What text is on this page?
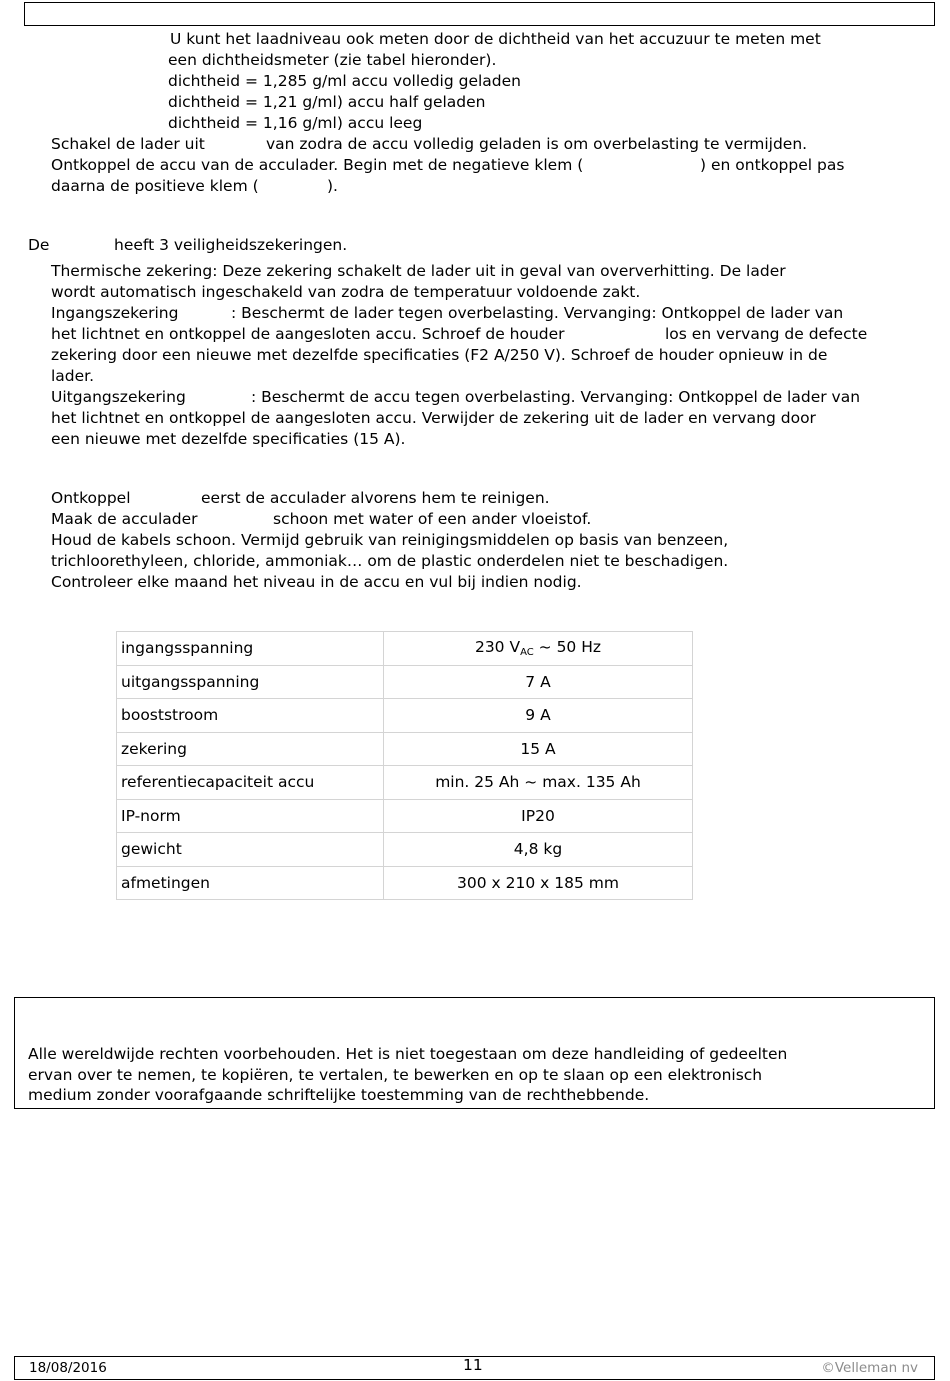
U kunt het laadniveau ook meten door de dichtheid van het accuzuur te meten met
een dichtheidsmeter (zie tabel hieronder).
dichtheid = 1,285 g/ml accu volledig geladen
dichtheid = 1,21 g/ml) accu half geladen
dichtheid = 1,16 g/ml) accu leeg
Schakel de lader uit	van zodra de accu volledig geladen is om overbelasting te vermijden.
Ontkoppel de accu van de acculader. Begin met de negatieve klem (	) en ontkoppel pas
daarna de positieve klem (	).
De	heeft 3 veiligheidszekeringen.
Thermische zekering: Deze zekering schakelt de lader uit in geval van oververhitting. De lader
wordt automatisch ingeschakeld van zodra de temperatuur voldoende zakt.
Ingangszekering	: Beschermt de lader tegen overbelasting. Vervanging: Ontkoppel de lader van
het lichtnet en ontkoppel de aangesloten accu. Schroef de houder	los en vervang de defecte
zekering door een nieuwe met dezelfde specificaties (F2 A/250 V). Schroef de houder opnieuw in de
lader.
Uitgangszekering	: Beschermt de accu tegen overbelasting. Vervanging: Ontkoppel de lader van
het lichtnet en ontkoppel de aangesloten accu. Verwijder de zekering uit de lader en vervang door
een nieuwe met dezelfde specificaties (15 A).
Ontkoppel	eerst de acculader alvorens hem te reinigen.
Maak de acculader	schoon met water of een ander vloeistof.
Houd de kabels schoon. Vermijd gebruik van reinigingsmiddelen op basis van benzeen,
trichloorethyleen, chloride, ammoniak… om de plastic onderdelen niet te beschadigen.
Controleer elke maand het niveau in de accu en vul bij indien nodig.
ingangsspanning	230 $V_{AC}$ ~ 50 Hz
uitgangsspanning	7 A
booststroom	9 A
zekering	15 A
referentiecapaciteit accu	min. 25 Ah ~ max. 135 Ah
IP-norm	IP20
gewicht	4,8 kg
afmetingen	300 x 210 x 185 mm
Alle wereldwijde rechten voorbehouden. Het is niet toegestaan om deze handleiding of gedeelten
ervan over te nemen, te kopiëren, te vertalen, te bewerken en op te slaan op een elektronisch
medium zonder voorafgaande schriftelijke toestemming van de rechthebbende.
18/08/2016	11	©Velleman nv
